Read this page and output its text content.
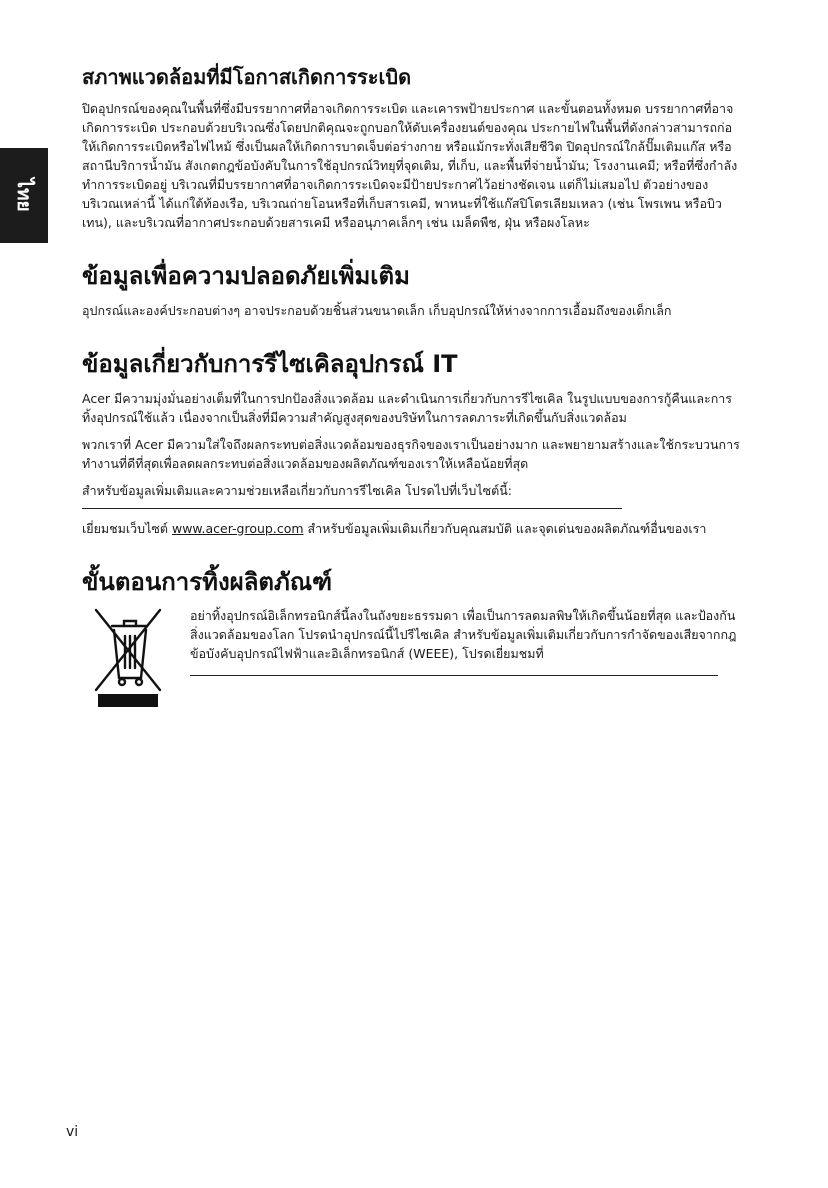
ไทย
สภาพแวดล้อมที่มีโอกาสเกิดการระเบิด

ปิดอุปกรณ์ของคุณในพื้นที่ซึ่งมีบรรยากาศที่อาจเกิดการระเบิด และเคารพป้ายประกาศ และขั้นตอนทั้งหมด บรรยากาศที่อาจเกิดการระเบิด ประกอบด้วยบริเวณซึ่งโดยปกติคุณจะถูกบอกให้ดับเครื่องยนต์ของคุณ ประกายไฟในพื้นที่ดังกล่าวสามารถก่อให้เกิดการระเบิดหรือไฟไหม้ ซึ่งเป็นผลให้เกิดการบาดเจ็บต่อร่างกาย หรือแม้กระทั่งเสียชีวิต ปิดอุปกรณ์ใกล้ปั๊มเติมแก๊ส หรือสถานีบริการน้ำมัน สังเกตกฎข้อบังคับในการใช้อุปกรณ์วิทยุที่จุดเติม, ที่เก็บ, และพื้นที่จ่ายน้ำมัน; โรงงานเคมี; หรือที่ซึ่งกำลังทำการระเบิดอยู่ บริเวณที่มีบรรยากาศที่อาจเกิดการระเบิดจะมีป้ายประกาศไว้อย่างชัดเจน แต่ก็ไม่เสมอไป ตัวอย่างของบริเวณเหล่านี้ ได้แก่ใต้ท้องเรือ, บริเวณถ่ายโอนหรือที่เก็บสารเคมี, พาหนะที่ใช้แก๊สปิโตรเลียมเหลว (เช่น โพรเพน หรือบิวเทน), และบริเวณที่อากาศประกอบด้วยสารเคมี หรืออนุภาคเล็กๆ เช่น เมล็ดพืช, ฝุ่น หรือผงโลหะ

ข้อมูลเพื่อความปลอดภัยเพิ่มเติม

อุปกรณ์และองค์ประกอบต่างๆ อาจประกอบด้วยชิ้นส่วนขนาดเล็ก เก็บอุปกรณ์ให้ห่างจากการเอื้อมถึงของเด็กเล็ก

ข้อมูลเกี่ยวกับการรีไซเคิลอุปกรณ์ IT

Acer มีความมุ่งมั่นอย่างเต็มที่ในการปกป้องสิ่งแวดล้อม และดำเนินการเกี่ยวกับการรีไซเคิล ในรูปแบบของการกู้คืนและการทิ้งอุปกรณ์ใช้แล้ว เนื่องจากเป็นสิ่งที่มีความสำคัญสูงสุดของบริษัทในการลดภาระที่เกิดขึ้นกับสิ่งแวดล้อม

พวกเราที่ Acer มีความใส่ใจถึงผลกระทบต่อสิ่งแวดล้อมของธุรกิจของเราเป็นอย่างมาก และพยายามสร้างและใช้กระบวนการทำงานที่ดีที่สุดเพื่อลดผลกระทบต่อสิ่งแวดล้อมของผลิตภัณฑ์ของเราให้เหลือน้อยที่สุด

สำหรับข้อมูลเพิ่มเติมและความช่วยเหลือเกี่ยวกับการรีไซเคิล โปรดไปที่เว็บไซต์นี้:

เยี่ยมชมเว็บไซต์ www.acer-group.com สำหรับข้อมูลเพิ่มเติมเกี่ยวกับคุณสมบัติ และจุดเด่นของผลิตภัณฑ์อื่นของเรา

ขั้นตอนการทิ้งผลิตภัณฑ์

อย่าทิ้งอุปกรณ์อิเล็กทรอนิกส์นี้ลงในถังขยะธรรมดา เพื่อเป็นการลดมลพิษให้เกิดขึ้นน้อยที่สุด และป้องกันสิ่งแวดล้อมของโลก โปรดนำอุปกรณ์นี้ไปรีไซเคิล สำหรับข้อมูลเพิ่มเติมเกี่ยวกับการกำจัดของเสียจากกฎข้อบังคับอุปกรณ์ไฟฟ้าและอิเล็กทรอนิกส์ (WEEE), โปรดเยี่ยมชมที่

vi
